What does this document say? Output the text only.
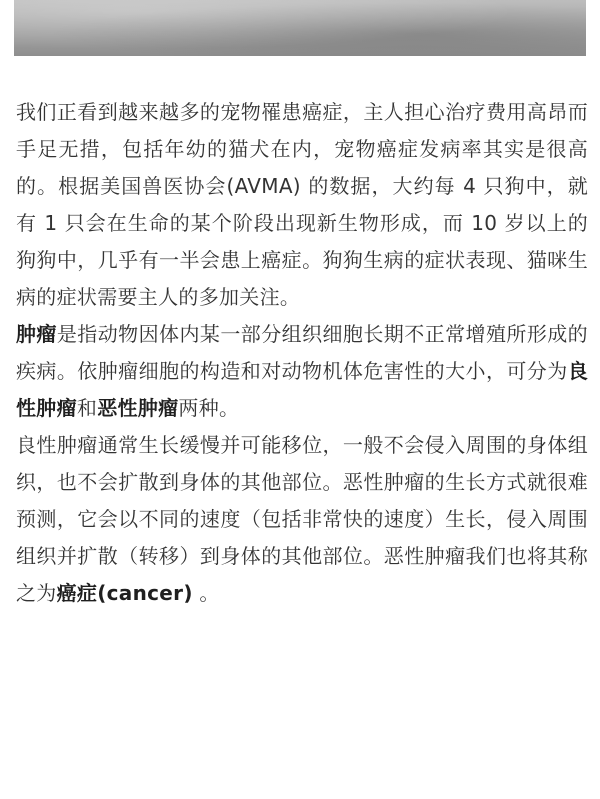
我们正看到越来越多的宠物罹患癌症，主人担心治疗费用高昂而手足无措，包括年幼的猫犬在内，宠物癌症发病率其实是很高的。根据美国兽医协会(AVMA) 的数据，大约每 4 只狗中，就有 1 只会在生命的某个阶段出现新生物形成，而 10 岁以上的狗狗中，几乎有一半会患上癌症。狗狗生病的症状表现、猫咪生病的症状需要主人的多加关注。

肿瘤是指动物因体内某一部分组织细胞长期不正常增殖所形成的疾病。依肿瘤细胞的构造和对动物机体危害性的大小，可分为良性肿瘤和恶性肿瘤两种。

良性肿瘤通常生长缓慢并可能移位，一般不会侵入周围的身体组织，也不会扩散到身体的其他部位。恶性肿瘤的生长方式就很难预测，它会以不同的速度（包括非常快的速度）生长，侵入周围组织并扩散（转移）到身体的其他部位。恶性肿瘤我们也将其称之为癌症(cancer) 。
